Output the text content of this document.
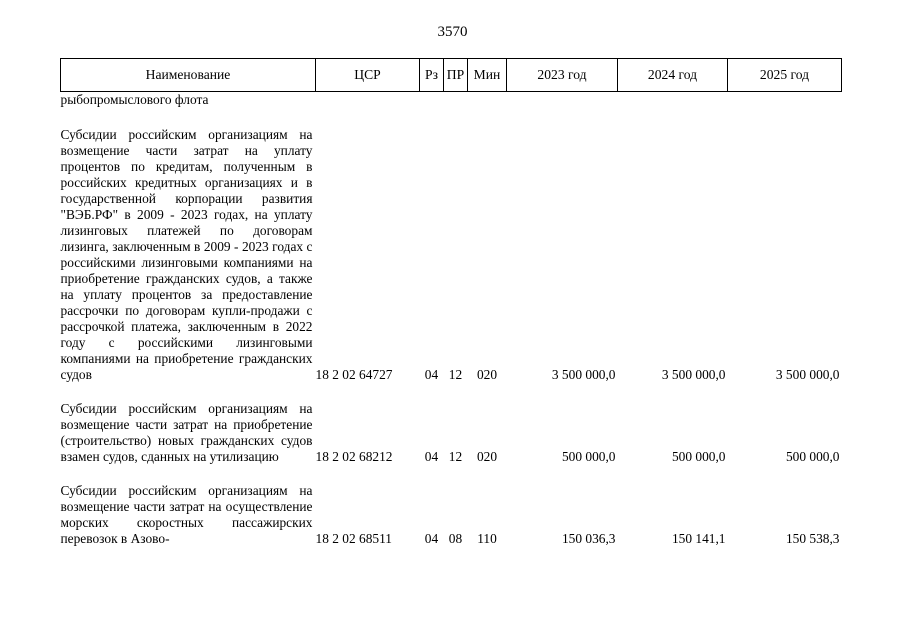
3570
Наименование	ЦСР	Рз	ПР	Мин	2023 год	2024 год	2025 год

рыбопромыслового флота							

Субсидии российским организациям на возмещение части затрат на уплату процентов по кредитам, полученным в российских кредитных организациях и в государственной корпорации развития "ВЭБ.РФ" в 2009 - 2023 годах, на уплату лизинговых платежей по договорам лизинга, заключенным в 2009 - 2023 годах с российскими лизинговыми компаниями на приобретение гражданских судов, а также на уплату процентов за предоставление рассрочки по договорам купли-продажи с рассрочкой платежа, заключенным в 2022 году с российскими лизинговыми компаниями на приобретение гражданских судов	18 2 02 64727	04	12	020	3 500 000,0	3 500 000,0	3 500 000,0

Субсидии российским организациям на возмещение части затрат на приобретение (строительство) новых гражданских судов взамен судов, сданных на утилизацию	18 2 02 68212	04	12	020	500 000,0	500 000,0	500 000,0

Субсидии российским организациям на возмещение части затрат на осуществление морских скоростных пассажирских перевозок в Азово-	18 2 02 68511	04	08	110	150 036,3	150 141,1	150 538,3
